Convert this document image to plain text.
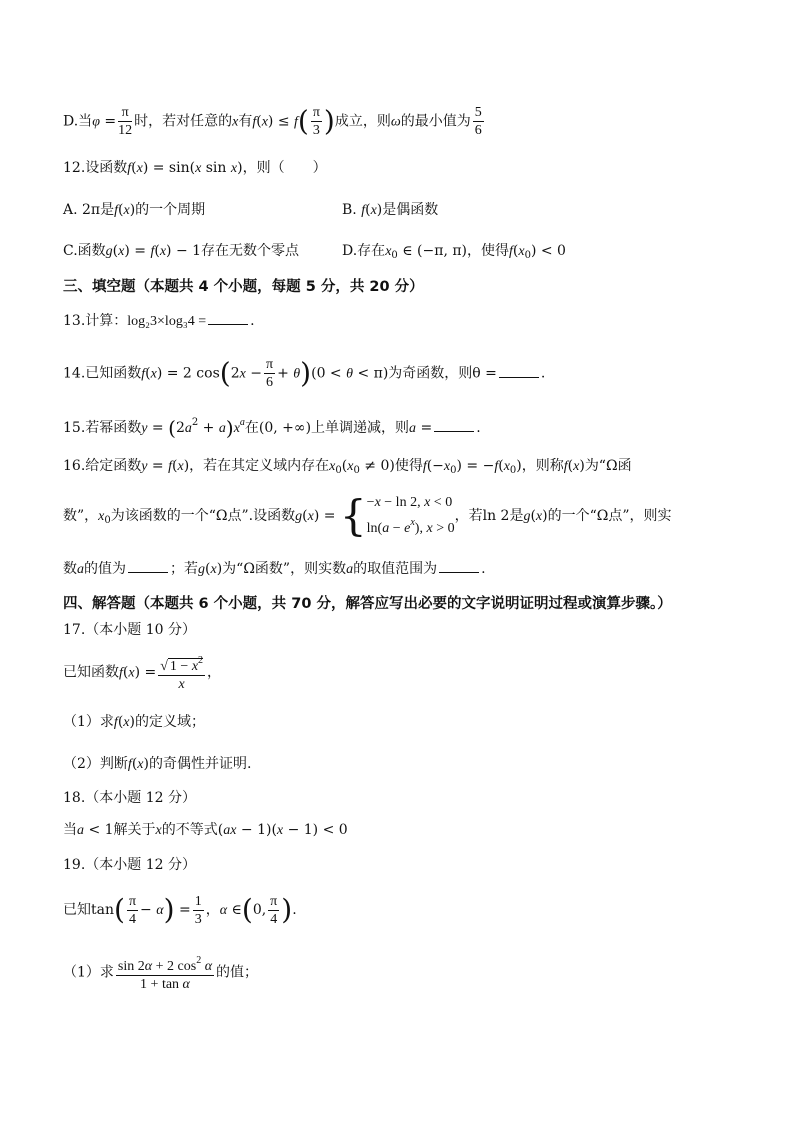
D.当$\varphi = \frac{\pi}{12}$ 时，若对任意的x有$f(x) \le f( \frac{\pi}{3}$ )成立，则ω的最小值为 $\frac{5}{6}$
12.设函数f(x) = sin(x sin x)，则（　　）
A. 2π是f(x)的一个周期	B. f(x)是偶函数
C.函数g(x) = f(x) − 1存在无数个零点	D.存在$x_0$ ∈ (−π, π)，使得$f(x_0) < 0$
三、填空题（本题共 4 个小题，每题 5 分，共 20 分）
13.计算：log₂3×log₃4 =	.
14.已知函数f(x) = 2 $\cos(2x - \frac{\pi}{6} + \theta)(0 < \theta < \pi)$为奇函数，则θ =	.
15.若幂函数$y = (2a^2 + a)x^a$在(0, +∞)上单调递减，则a =	.
16.给定函数y = f(x)，若在其定义域内存在$x_0(x_0 \ne 0)$使得$f(-x_0) = -f(x_0)$，则称f(x)为“Ω函
数”，$x_0$为该函数的一个“Ω点”.设函数g(x) = { −x − ln 2, x < 0
$\ln(a - e^x)$, x > 0
，若ln 2是g(x)的一个“Ω点”，则实
数a的值为	；若g(x)为“Ω函数”，则实数a的取值范围为	.
四、解答题（本题共 6 个小题，共 70 分，解答应写出必要的文字说明证明过程或演算步骤。）
17.（本小题 10 分）
已知函数$f(x) = \frac{√ 1 - x^2}{x}$ ，
（1）求f(x)的定义域；
（2）判断f(x)的奇偶性并证明.
18.（本小题 12 分）
当a < 1解关于x的不等式(ax − 1)(x − 1) < 0
19.（本小题 12 分）
已知$\tan( \frac{\pi}{4} - \alpha) = \frac{1}{3}$ ，α ∈(0, $\frac{\pi}{4}$ ).
（1）求 $\frac{\sin 2\alpha + 2 \cos^2 \alpha}{\text{1 + tan α}}$ 的值；
